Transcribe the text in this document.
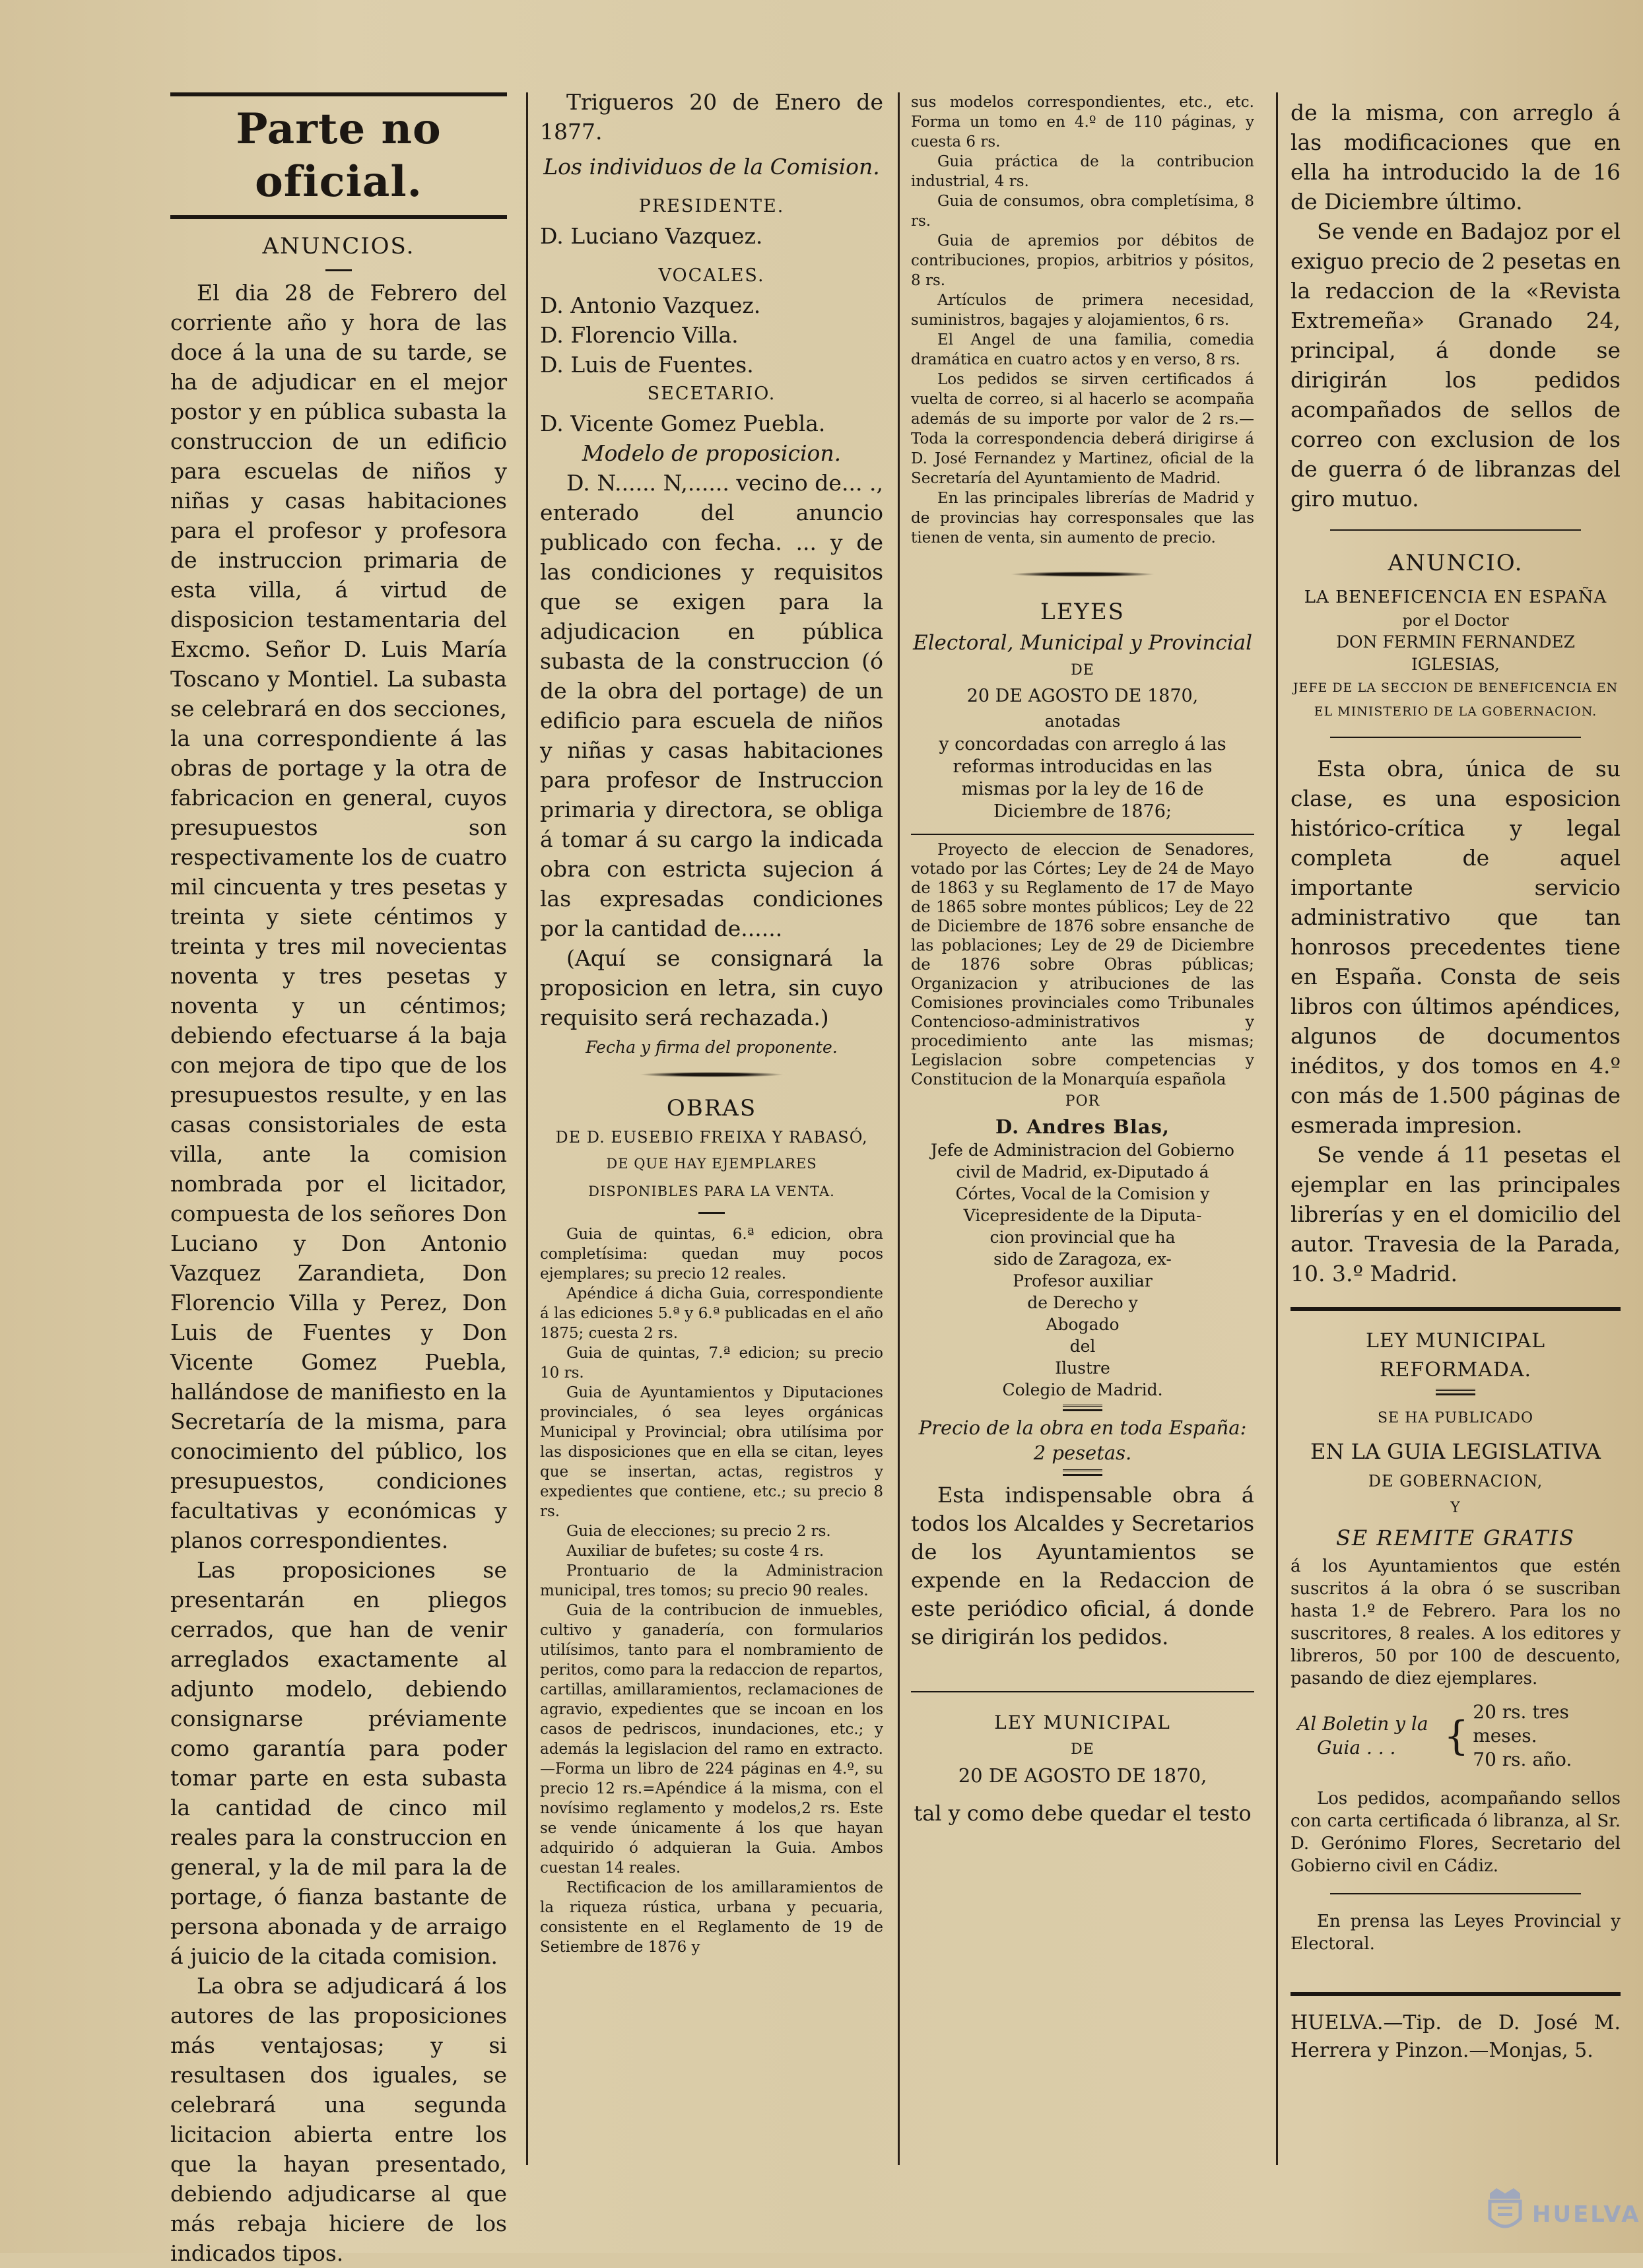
Parte no oficial.
ANUNCIOS.

El dia 28 de Febrero del corriente año y hora de las doce á la una de su tarde, se ha de adjudicar en el mejor postor y en pública subasta la construccion de un edificio para escuelas de niños y niñas y casas habitaciones para el profesor y profesora de instruccion primaria de esta villa, á virtud de disposicion testamentaria del Excmo. Señor D. Luis María Toscano y Montiel. La subasta se celebrará en dos secciones, la una correspondiente á las obras de portage y la otra de fabricacion en general, cuyos presupuestos son respectivamente los de cuatro mil cincuenta y tres pesetas y treinta y siete céntimos y treinta y tres mil novecientas noventa y tres pesetas y noventa y un céntimos; debiendo efectuarse á la baja con mejora de tipo que de los presupuestos resulte, y en las casas consistoriales de esta villa, ante la comision nombrada por el licitador, compuesta de los señores Don Luciano y Don Antonio Vazquez Zarandieta, Don Florencio Villa y Perez, Don Luis de Fuentes y Don Vicente Gomez Puebla, hallándose de manifiesto en la Secretaría de la misma, para conocimiento del público, los presupuestos, condiciones facultativas y económicas y planos correspondientes.

Las proposiciones se presentarán en pliegos cerrados, que han de venir arreglados exactamente al adjunto modelo, debiendo consignarse préviamente como garantía para poder tomar parte en esta subasta la cantidad de cinco mil reales para la construccion en general, y la de mil para la de portage, ó fianza bastante de persona abonada y de arraigo á juicio de la citada comision.

La obra se adjudicará á los autores de las proposiciones más ventajosas; y si resultasen dos iguales, se celebrará una segunda licitacion abierta entre los que la hayan presentado, debiendo adjudicarse al que más rebaja hiciere de los indicados tipos.

Trigueros 20 de Enero de 1877.

Los individuos de la Comision.
PRESIDENTE.
D. Luciano Vazquez.
VOCALES.
D. Antonio Vazquez.
D. Florencio Villa.
D. Luis de Fuentes.
SECETARIO.
D. Vicente Gomez Puebla.
Modelo de proposicion.

D. N...... N,...... vecino de... ., enterado del anuncio publicado con fecha. ... y de las condiciones y requisitos que se exigen para la adjudicacion en pública subasta de la construccion (ó de la obra del portage) de un edificio para escuela de niños y niñas y casas habitaciones para profesor de Instruccion primaria y directora, se obliga á tomar á su cargo la indicada obra con estricta sujecion á las expresadas condiciones por la cantidad de......

(Aquí se consignará la proposicion en letra, sin cuyo requisito será rechazada.)

Fecha y firma del proponente.
OBRAS
DE D. EUSEBIO FREIXA Y RABASÓ,
DE QUE HAY EJEMPLARES DISPONIBLES PARA LA VENTA.

Guia de quintas, 6.ª edicion, obra completísima: quedan muy pocos ejemplares; su precio 12 reales.

Apéndice á dicha Guia, correspondiente á las ediciones 5.ª y 6.ª publicadas en el año 1875; cuesta 2 rs.

Guia de quintas, 7.ª edicion; su precio 10 rs.

Guia de Ayuntamientos y Diputaciones provinciales, ó sea leyes orgánicas Municipal y Provincial; obra utilísima por las disposiciones que en ella se citan, leyes que se insertan, actas, registros y expedientes que contiene, etc.; su precio 8 rs.

Guia de elecciones; su precio 2 rs.

Auxiliar de bufetes; su coste 4 rs.

Prontuario de la Administracion municipal, tres tomos; su precio 90 reales.

Guia de la contribucion de inmuebles, cultivo y ganadería, con formularios utilísimos, tanto para el nombramiento de peritos, como para la redaccion de repartos, cartillas, amillaramientos, reclamaciones de agravio, expedientes que se incoan en los casos de pedriscos, inundaciones, etc.; y además la legislacion del ramo en extracto.—Forma un libro de 224 páginas en 4.º, su precio 12 rs.=Apéndice á la misma, con el novísimo reglamento y modelos,2 rs. Este se vende únicamente á los que hayan adquirido ó adquieran la Guia. Ambos cuestan 14 reales.

Rectificacion de los amillaramientos de la riqueza rústica, urbana y pecuaria, consistente en el Reglamento de 19 de Setiembre de 1876 y

sus modelos correspondientes, etc., etc. Forma un tomo en 4.º de 110 páginas, y cuesta 6 rs.

Guia práctica de la contribucion industrial, 4 rs.

Guia de consumos, obra completísima, 8 rs.

Guia de apremios por débitos de contribuciones, propios, arbitrios y pósitos, 8 rs.

Artículos de primera necesidad, suministros, bagajes y alojamientos, 6 rs.

El Angel de una familia, comedia dramática en cuatro actos y en verso, 8 rs.

Los pedidos se sirven certificados á vuelta de correo, si al hacerlo se acompaña además de su importe por valor de 2 rs.—Toda la correspondencia deberá dirigirse á D. José Fernandez y Martinez, oficial de la Secretaría del Ayuntamiento de Madrid.

En las principales librerías de Madrid y de provincias hay corresponsales que las tienen de venta, sin aumento de precio.

LEYES
Electoral, Municipal y Provincial
DE
20 DE AGOSTO DE 1870,
anotadas

y concordadas con arreglo á las reformas introducidas en las mismas por la ley de 16 de Diciembre de 1876;

Proyecto de eleccion de Senadores, votado por las Córtes; Ley de 24 de Mayo de 1863 y su Reglamento de 17 de Mayo de 1865 sobre montes públicos; Ley de 22 de Diciembre de 1876 sobre ensanche de las poblaciones; Ley de 29 de Diciembre de 1876 sobre Obras públicas; Organizacion y atribuciones de las Comisiones provinciales como Tribunales Contencioso-administrativos y procedimiento ante las mismas; Legislacion sobre competencias y Constitucion de la Monarquía española

POR
D. Andres Blas,
Jefe de Administracion del Gobierno
civil de Madrid, ex-Diputado á
Córtes, Vocal de la Comision y
Vicepresidente de la Diputa-
cion provincial que ha
sido de Zaragoza, ex-
Profesor auxiliar
de Derecho y
Abogado
del
Ilustre
Colegio de Madrid.

Precio de la obra en toda España: 2 pesetas.

Esta indispensable obra á todos los Alcaldes y Secretarios de los Ayuntamientos se expende en la Redaccion de este periódico oficial, á donde se dirigirán los pedidos.

LEY MUNICIPAL
DE
20 DE AGOSTO DE 1870,
tal y como debe quedar el testo

de la misma, con arreglo á las modificaciones que en ella ha introducido la de 16 de Diciembre último.

Se vende en Badajoz por el exiguo precio de 2 pesetas en la redaccion de la «Revista Extremeña» Granado 24, principal, á donde se dirigirán los pedidos acompañados de sellos de correo con exclusion de los de guerra ó de libranzas del giro mutuo.

ANUNCIO.
LA BENEFICENCIA EN ESPAÑA
por el Doctor
DON FERMIN FERNANDEZ IGLESIAS,
JEFE DE LA SECCION DE BENEFICENCIA EN EL MINISTERIO DE LA GOBERNACION.

Esta obra, única de su clase, es una esposicion histórico-crítica y legal completa de aquel importante servicio administrativo que tan honrosos precedentes tiene en España. Consta de seis libros con últimos apéndices, algunos de documentos inéditos, y dos tomos en 4.º con más de 1.500 páginas de esmerada impresion.

Se vende á 11 pesetas el ejemplar en las principales librerías y en el domicilio del autor. Travesia de la Parada, 10. 3.º Madrid.

LEY MUNICIPAL REFORMADA.
SE HA PUBLICADO
EN LA GUIA LEGISLATIVA
DE GOBERNACION,
Y
SE REMITE GRATIS

á los Ayuntamientos que estén suscritos á la obra ó se suscriban hasta 1.º de Febrero. Para los no suscritores, 8 reales. A los editores y libreros, 50 por 100 de descuento, pasando de diez ejemplares.

Al Boletin y la
Guia . . .	{
20 rs. tres meses.
70 rs. año.

Los pedidos, acompañando sellos con carta certificada ó libranza, al Sr. D. Gerónimo Flores, Secretario del Gobierno civil en Cádiz.

En prensa las Leyes Provincial y Electoral.

HUELVA.—Tip. de D. José M. Herrera y Pinzon.—Monjas, 5.

HUELVA
